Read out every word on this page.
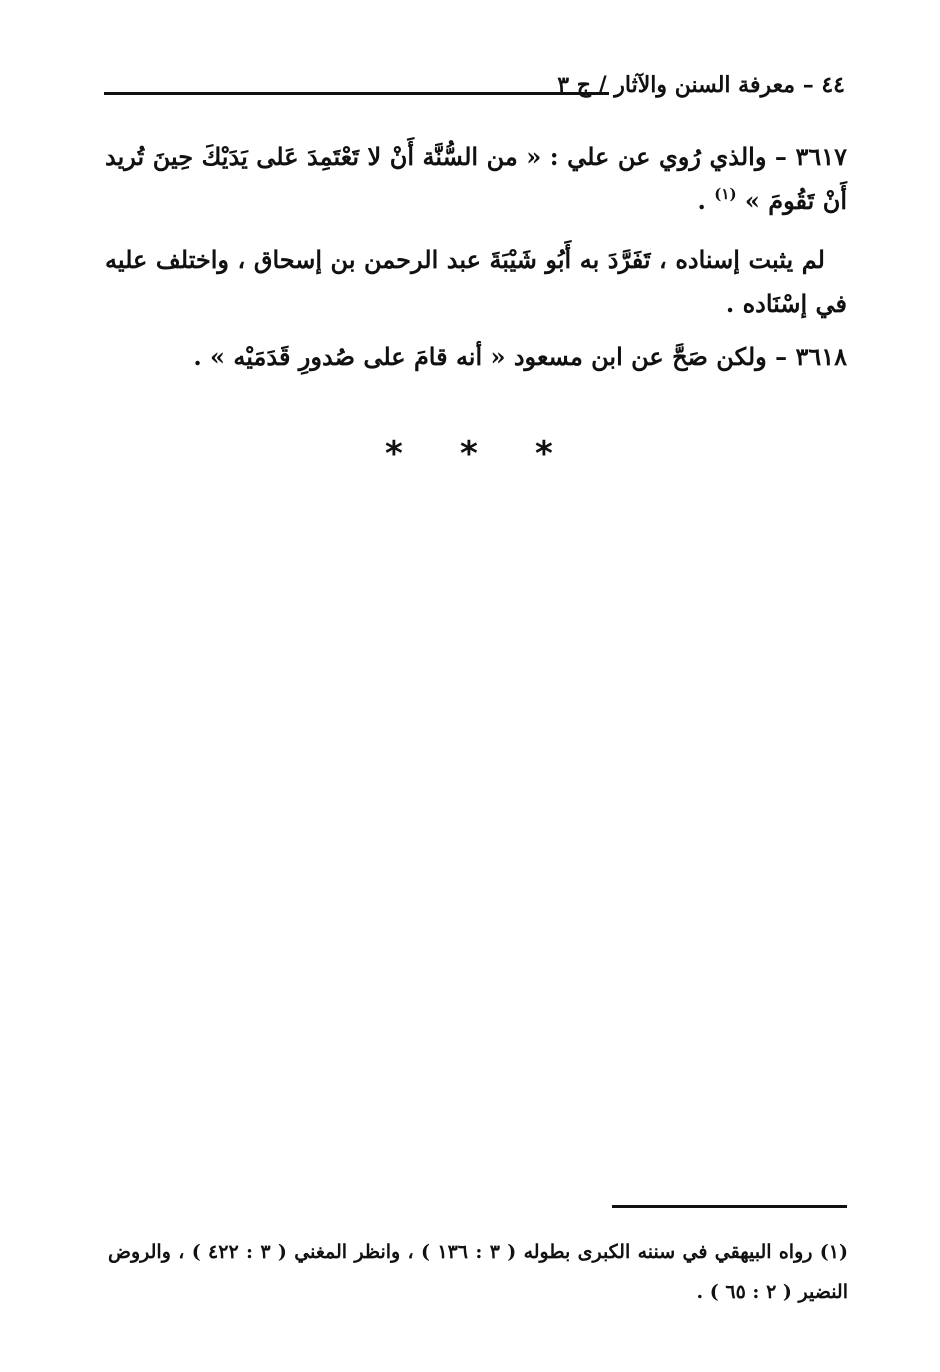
٤٤ – معرفة السنن والآثار / ج ٣
٣٦١٧ – والذي رُوي عن علي : « من السُّنَّة أَنْ لا تَعْتَمِدَ عَلى يَدَيْكَ حِينَ تُريد أَنْ تَقُومَ » $^{(١)}$ .
لم يثبت إسناده ، تَفَرَّدَ به أَبُو شَيْبَةَ عبد الرحمن بن إسحاق ، واختلف عليه في إسْنَاده .
٣٦١٨ – ولكن صَحَّ عن ابن مسعود « أنه قامَ على صُدورِ قَدَمَيْه » .
* * *
(١) رواه البيهقي في سننه الكبرى بطوله ( ٣ : ١٣٦ ) ، وانظر المغني ( ٣ : ٤٢٢ ) ، والروض النضير ( ٢ : ٦٥ ) .
